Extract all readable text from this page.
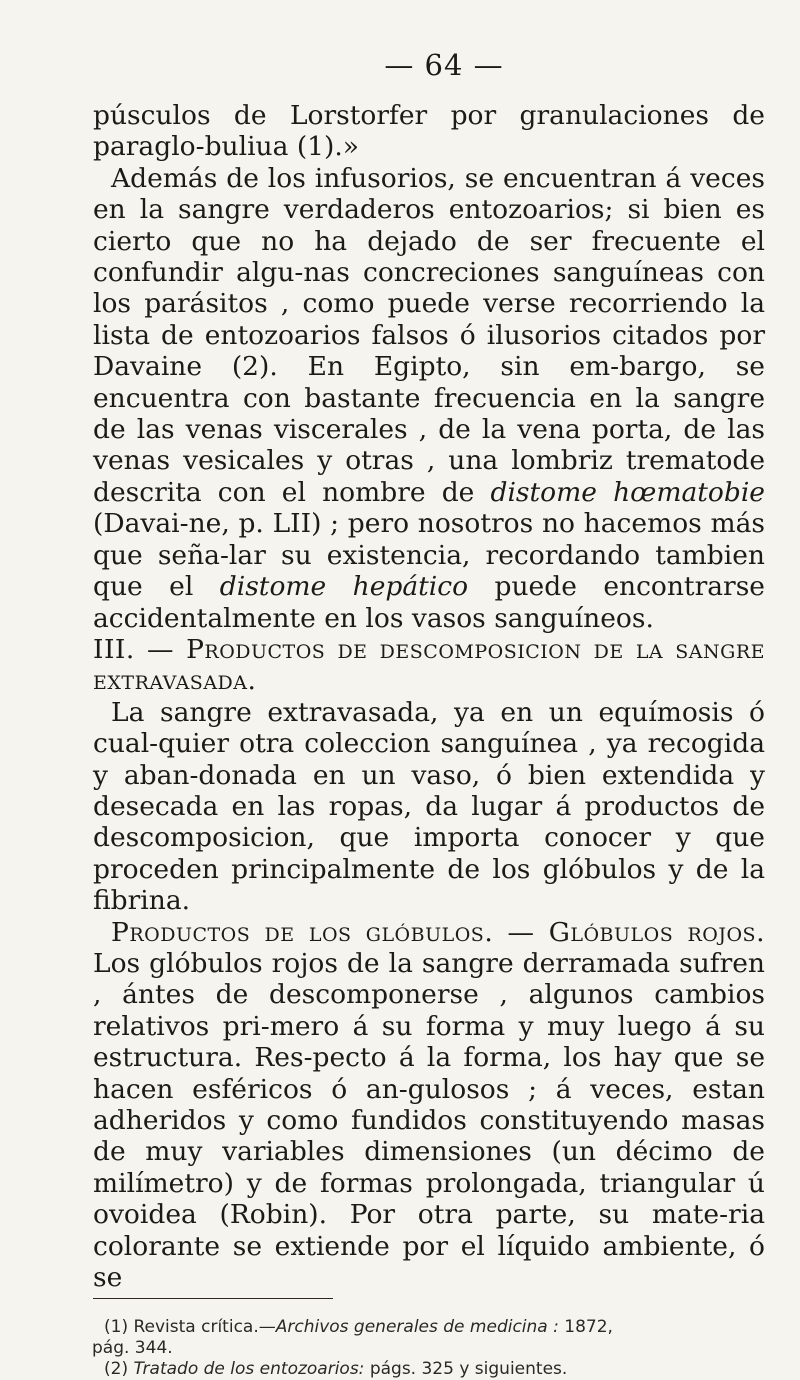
— 64 —

púsculos de Lorstorfer por granulaciones de paraglo-buliua (1).»

Además de los infusorios, se encuentran á veces en la sangre verdaderos entozoarios; si bien es cierto que no ha dejado de ser frecuente el confundir algu-nas concreciones sanguíneas con los parásitos , como puede verse recorriendo la lista de entozoarios falsos ó ilusorios citados por Davaine (2). En Egipto, sin em-bargo, se encuentra con bastante frecuencia en la sangre de las venas viscerales , de la vena porta, de las venas vesicales y otras , una lombriz trematode descrita con el nombre de distome hœmatobie (Davai-ne, p. LII) ; pero nosotros no hacemos más que seña-lar su existencia, recordando tambien que el distome hepático puede encontrarse accidentalmente en los vasos sanguíneos.

III. — Productos de descomposicion de la sangre extravasada.

La sangre extravasada, ya en un equímosis ó cual-quier otra coleccion sanguínea , ya recogida y aban-donada en un vaso, ó bien extendida y desecada en las ropas, da lugar á productos de descomposicion, que importa conocer y que proceden principalmente de los glóbulos y de la fibrina.

Productos de los glóbulos. — Glóbulos rojos. Los glóbulos rojos de la sangre derramada sufren , ántes de descomponerse , algunos cambios relativos pri-mero á su forma y muy luego á su estructura. Res-pecto á la forma, los hay que se hacen esféricos ó an-gulosos ; á veces, estan adheridos y como fundidos constituyendo masas de muy variables dimensiones (un décimo de milímetro) y de formas prolongada, triangular ú ovoidea (Robin). Por otra parte, su mate-ria colorante se extiende por el líquido ambiente, ó se

(1) Revista crítica.—Archivos generales de medicina : 1872,

pág. 344.

(2) Tratado de los entozoarios: págs. 325 y siguientes.
